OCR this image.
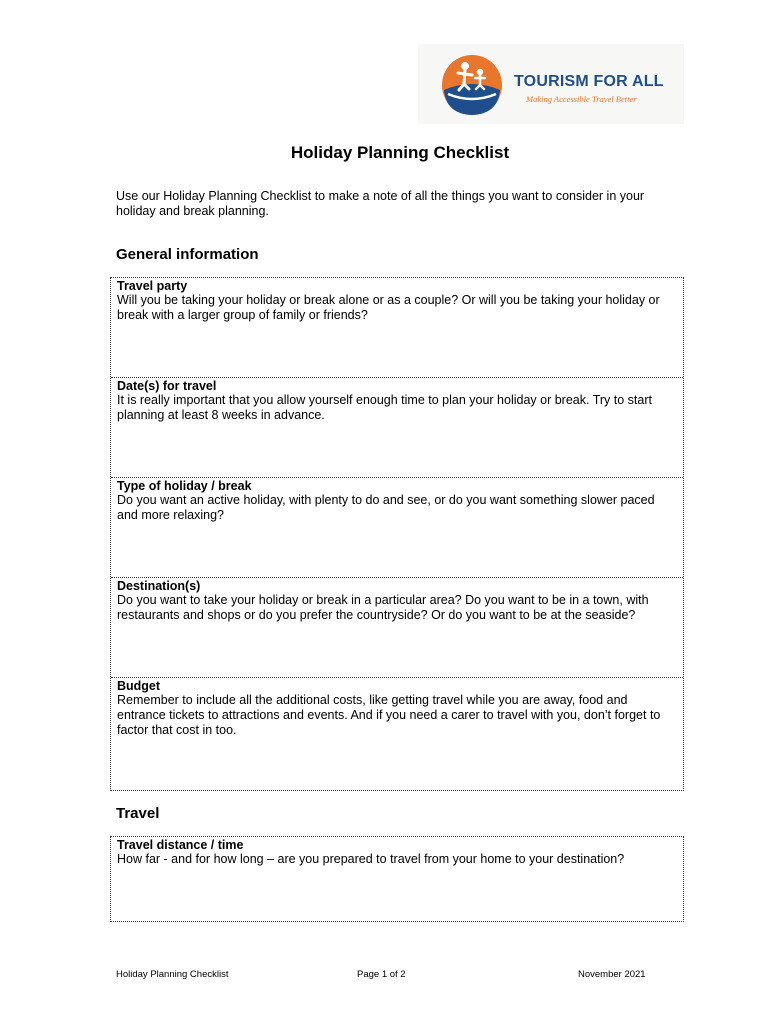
TOURISM FOR ALL
Making Accessible Travel Better
Holiday Planning Checklist
Use our Holiday Planning Checklist to make a note of all the things you want to consider in your holiday and break planning.
General information
Travel party
Will you be taking your holiday or break alone or as a couple? Or will you be taking your holiday or break with a larger group of family or friends?
Date(s) for travel
It is really important that you allow yourself enough time to plan your holiday or break. Try to start planning at least 8 weeks in advance.
Type of holiday / break
Do you want an active holiday, with plenty to do and see, or do you want something slower paced and more relaxing?
Destination(s)
Do you want to take your holiday or break in a particular area? Do you want to be in a town, with restaurants and shops or do you prefer the countryside? Or do you want to be at the seaside?
Budget
Remember to include all the additional costs, like getting travel while you are away, food and entrance tickets to attractions and events. And if you need a carer to travel with you, don’t forget to factor that cost in too.
Travel
Travel distance / time
How far - and for how long – are you prepared to travel from your home to your destination?
Holiday Planning Checklist	Page 1 of 2	November 2021
